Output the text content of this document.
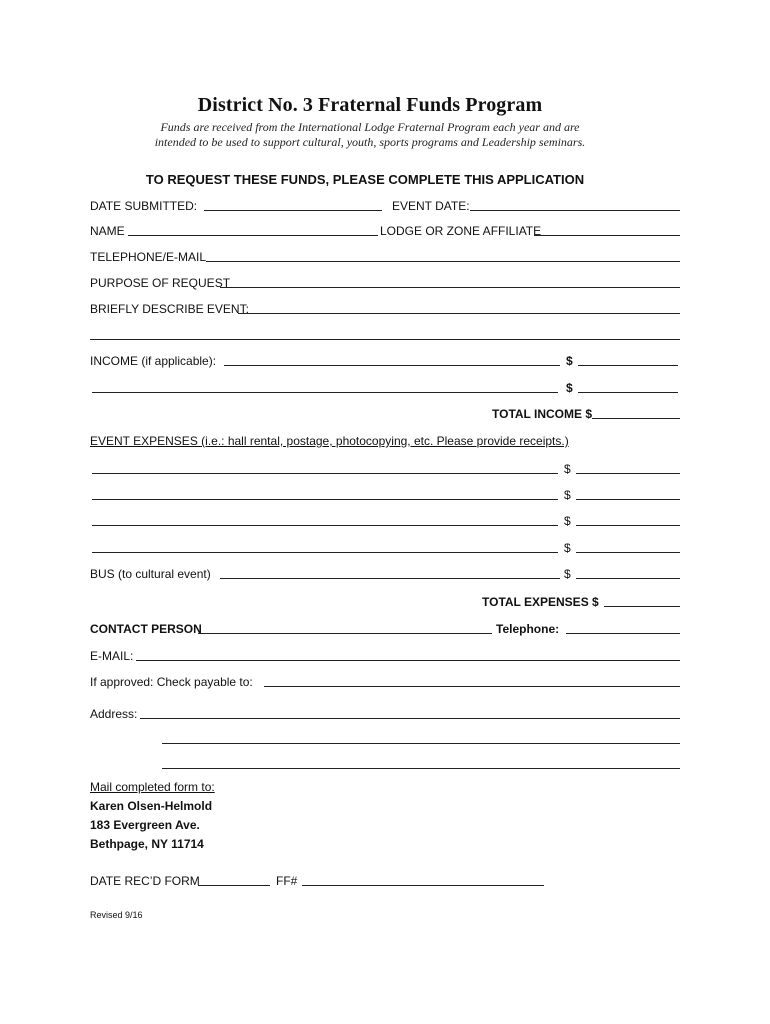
District No. 3 Fraternal Funds Program
Funds are received from the International Lodge Fraternal Program each year and are
intended to be used to support cultural, youth, sports programs and Leadership seminars.
TO REQUEST THESE FUNDS, PLEASE COMPLETE THIS APPLICATION
DATE SUBMITTED:	EVENT DATE:
NAME	LODGE OR ZONE AFFILIATE
TELEPHONE/E-MAIL
PURPOSE OF REQUEST
BRIEFLY DESCRIBE EVENT:
INCOME (if applicable):	$
$
TOTAL INCOME $
EVENT EXPENSES (i.e.: hall rental, postage, photocopying, etc. Please provide receipts.)
$
$
$
$
BUS (to cultural event)	$
TOTAL EXPENSES $
CONTACT PERSON	Telephone:
E-MAIL:
If approved: Check payable to:
Address:
Mail completed form to:
Karen Olsen-Helmold
183 Evergreen Ave.
Bethpage, NY 11714
DATE REC’D FORM	FF#
Revised 9/16
